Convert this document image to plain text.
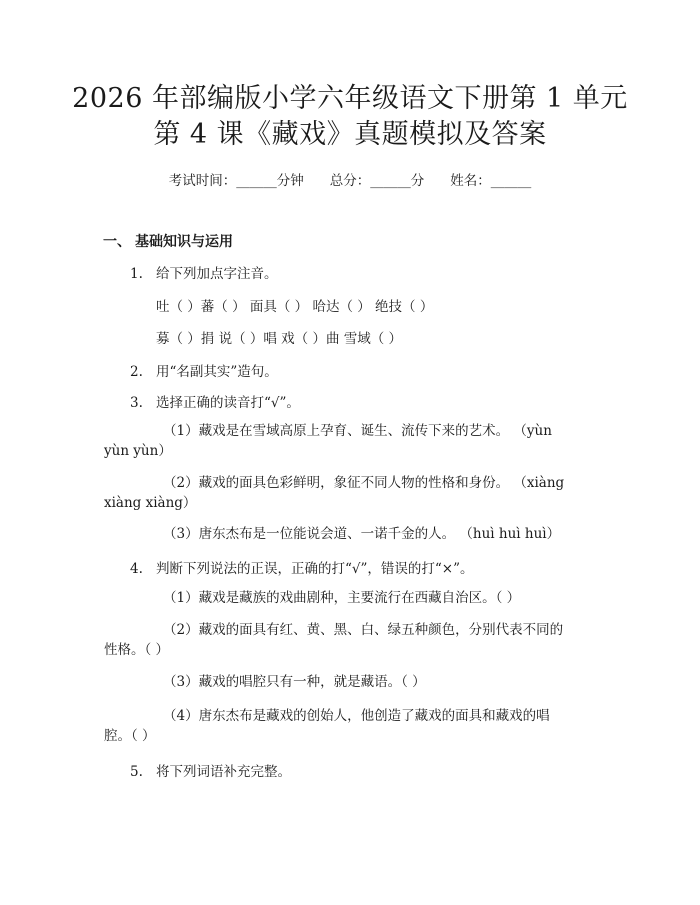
2026 年部编版小学六年级语文下册第 1 单元
第 4 课《藏戏》真题模拟及答案
考试时间：______分钟 总分：______分 姓名：______
一、 基础知识与运用
1. 给下列加点字注音。
吐（ ）蕃（ ） 面具（ ） 哈达（ ） 绝技（ ）
募（ ）捐 说（ ）唱 戏（ ）曲 雪域（ ）
2. 用“名副其实”造句。
3. 选择正确的读音打“√”。
（1）藏戏是在雪域高原上孕育、诞生、流传下来的艺术。 （yùn yùn yùn）
（2）藏戏的面具色彩鲜明，象征不同人物的性格和身份。 （xiàng xiàng xiàng）
（3）唐东杰布是一位能说会道、一诺千金的人。 （huì huì huì）
4. 判断下列说法的正误，正确的打“√”，错误的打“×”。
（1）藏戏是藏族的戏曲剧种，主要流行在西藏自治区。（ ）
（2）藏戏的面具有红、黄、黑、白、绿五种颜色，分别代表不同的性格。（ ）
（3）藏戏的唱腔只有一种，就是藏语。（ ）
（4）唐东杰布是藏戏的创始人，他创造了藏戏的面具和藏戏的唱腔。（ ）
5. 将下列词语补充完整。
